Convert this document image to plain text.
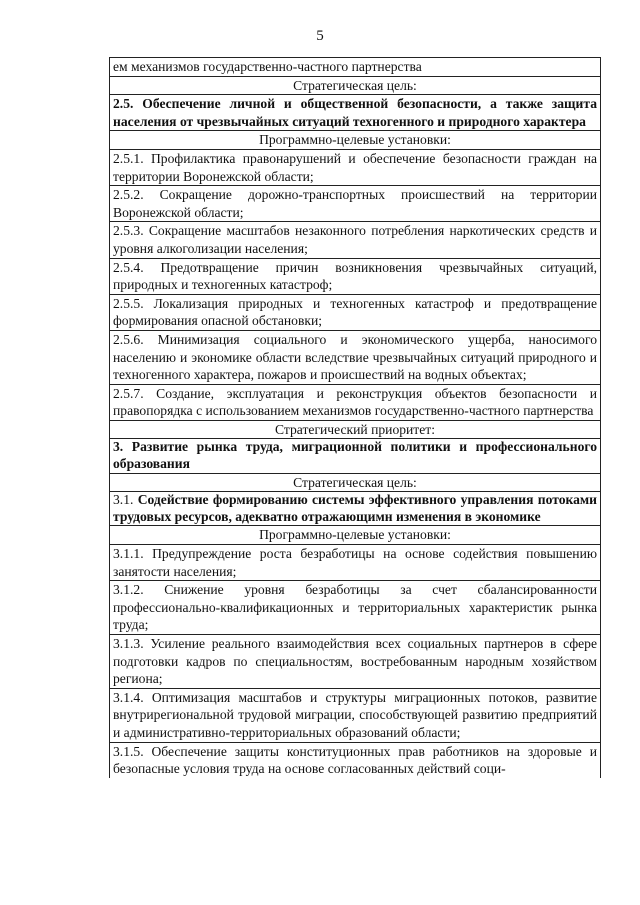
5

ем механизмов государственно-частного партнерства

Стратегическая цель:

2.5. Обеспечение личной и общественной безопасности, а также защита населения от чрезвычайных ситуаций техногенного и природного характера

Программно-целевые установки:

2.5.1. Профилактика правонарушений и обеспечение безопасности граждан на территории Воронежской области;

2.5.2. Сокращение дорожно-транспортных происшествий на территории Воронежской области;

2.5.3. Сокращение масштабов незаконного потребления наркотических средств и уровня алкоголизации населения;

2.5.4. Предотвращение причин возникновения чрезвычайных ситуаций, природных и техногенных катастроф;

2.5.5. Локализация природных и техногенных катастроф и предотвращение формирования опасной обстановки;

2.5.6. Минимизация социального и экономического ущерба, наносимого населению и экономике области вследствие чрезвычайных ситуаций природного и техногенного характера, пожаров и происшествий на водных объектах;

2.5.7. Создание, эксплуатация и реконструкция объектов безопасности и правопорядка с использованием механизмов государственно-частного партнерства

Стратегический приоритет:

3. Развитие рынка труда, миграционной политики и профессионального образования

Стратегическая цель:

3.1. Содействие формированию системы эффективного управления потоками трудовых ресурсов, адекватно отражающимн изменения в экономике

Программно-целевые установки:

3.1.1. Предупреждение роста безработицы на основе содействия повышению занятости населения;

3.1.2. Снижение уровня безработицы за счет сбалансированности профессионально-квалификационных и территориальных характеристик рынка труда;

3.1.3. Усиление реального взаимодействия всех социальных партнеров в сфере подготовки кадров по специальностям, востребованным народным хозяйством региона;

3.1.4. Оптимизация масштабов и структуры миграционных потоков, развитие внутрирегиональной трудовой миграции, способствующей развитию предприятий и административно-территориальных образований области;

3.1.5. Обеспечение защиты конституционных прав работников на здоровые и безопасные условия труда на основе согласованных действий соци-
